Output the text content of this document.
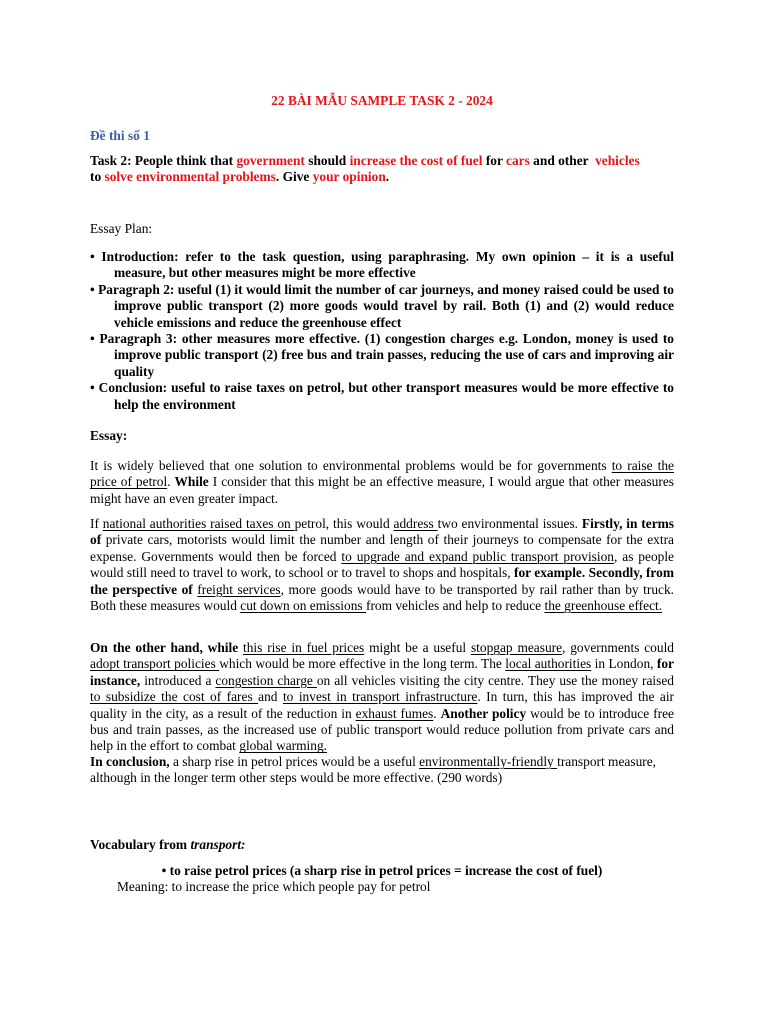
22 BÀI MẪU SAMPLE TASK 2 - 2024
Đề thi số 1
Task 2: People think that government should increase the cost of fuel for cars and other  vehicles
to solve environmental problems. Give your opinion.
Essay Plan:
• Introduction: refer to the task question, using paraphrasing. My own opinion – it is a useful measure, but other measures might be more effective
• Paragraph 2: useful (1) it would limit the number of car journeys, and money raised could be used to improve public transport (2) more goods would travel by rail. Both (1) and (2) would reduce vehicle emissions and reduce the greenhouse effect
• Paragraph 3: other measures more effective. (1) congestion charges e.g. London, money is used to improve public transport (2) free bus and train passes, reducing the use of cars and improving air quality
• Conclusion: useful to raise taxes on petrol, but other transport measures would be more effective to help the environment
Essay:
It is widely believed that one solution to environmental problems would be for governments to raise the price of petrol. While I consider that this might be an effective measure, I would argue that other measures might have an even greater impact.
If national authorities raised taxes on petrol, this would address two environmental issues. Firstly, in terms of private cars, motorists would limit the number and length of their journeys to compensate for the extra expense. Governments would then be forced to upgrade and expand public transport provision, as people would still need to travel to work, to school or to travel to shops and hospitals, for example. Secondly, from the perspective of freight services, more goods would have to be transported by rail rather than by truck. Both these measures would cut down on emissions from vehicles and help to reduce the greenhouse effect.
On the other hand, while this rise in fuel prices might be a useful stopgap measure, governments could adopt transport policies which would be more effective in the long term. The local authorities in London, for instance, introduced a congestion charge on all vehicles visiting the city centre. They use the money raised to subsidize the cost of fares and to invest in transport infrastructure. In turn, this has improved the air quality in the city, as a result of the reduction in exhaust fumes. Another policy would be to introduce free bus and train passes, as the increased use of public transport would reduce pollution from private cars and help in the effort to combat global warming.
In conclusion, a sharp rise in petrol prices would be a useful environmentally-friendly transport measure, although in the longer term other steps would be more effective. (290 words)
Vocabulary from transport:
• to raise petrol prices (a sharp rise in petrol prices = increase the cost of fuel)
Meaning: to increase the price which people pay for petrol
